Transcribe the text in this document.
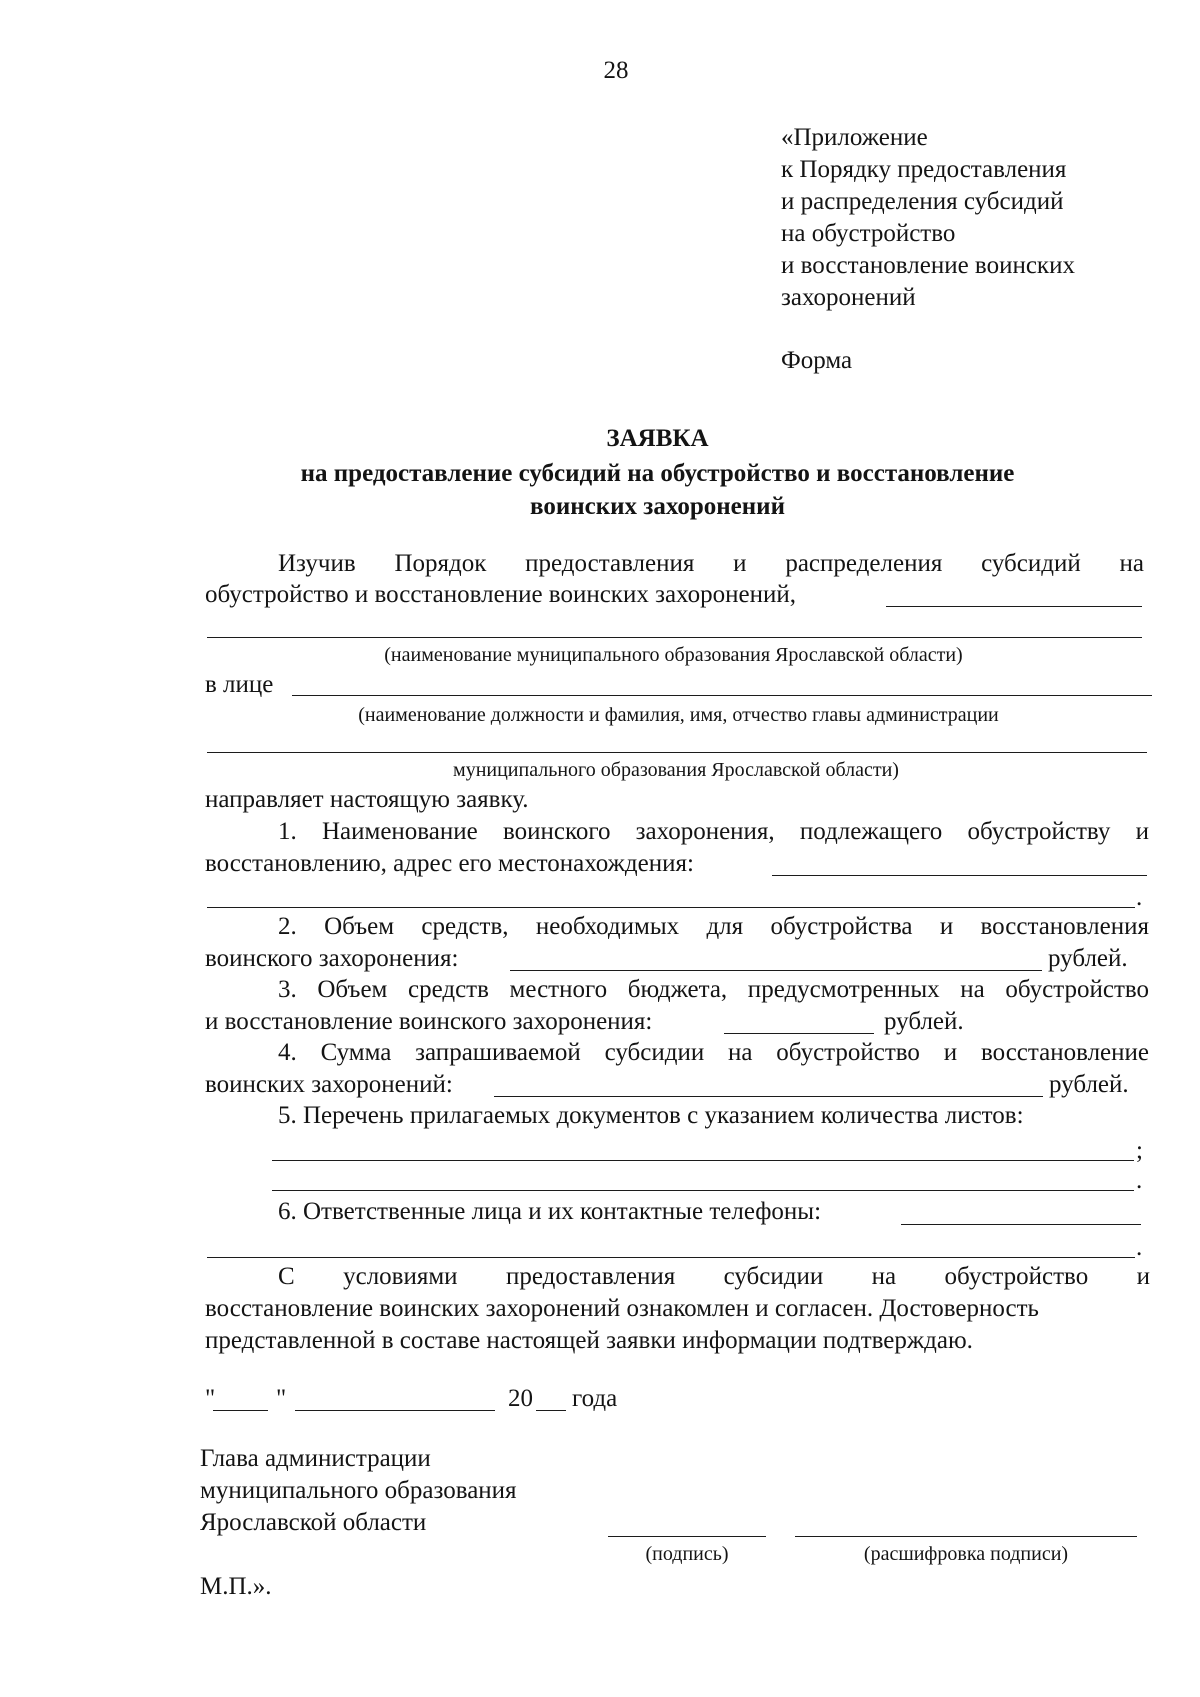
28
«Приложение
к Порядку предоставления
и распределения субсидий
на обустройство
и восстановление воинских
захоронений
Форма
ЗАЯВКА
на предоставление субсидий на обустройство и восстановление
воинских захоронений
Изучив Порядок предоставления и распределения субсидий на
обустройство и восстановление воинских захоронений,
(наименование муниципального образования Ярославской области)
в лице
(наименование должности и фамилия, имя, отчество главы администрации
муниципального образования Ярославской области)
направляет настоящую заявку.
1. Наименование воинского захоронения, подлежащего обустройству и
восстановлению, адрес его местонахождения:
.
2. Объем средств, необходимых для обустройства и восстановления
воинского захоронения:	рублей.
3. Объем средств местного бюджета, предусмотренных на обустройство
и восстановление воинского захоронения:	рублей.
4. Сумма запрашиваемой субсидии на обустройство и восстановление
воинских захоронений:	рублей.
5. Перечень прилагаемых документов с указанием количества листов:
;
.
6. Ответственные лица и их контактные телефоны:
.
С условиями предоставления субсидии на обустройство и
восстановление воинских захоронений ознакомлен и согласен. Достоверность
представленной в составе настоящей заявки информации подтверждаю.
" "	20 года
Глава администрации
муниципального образования
Ярославской области
(подпись)	(расшифровка подписи)
М.П.».
